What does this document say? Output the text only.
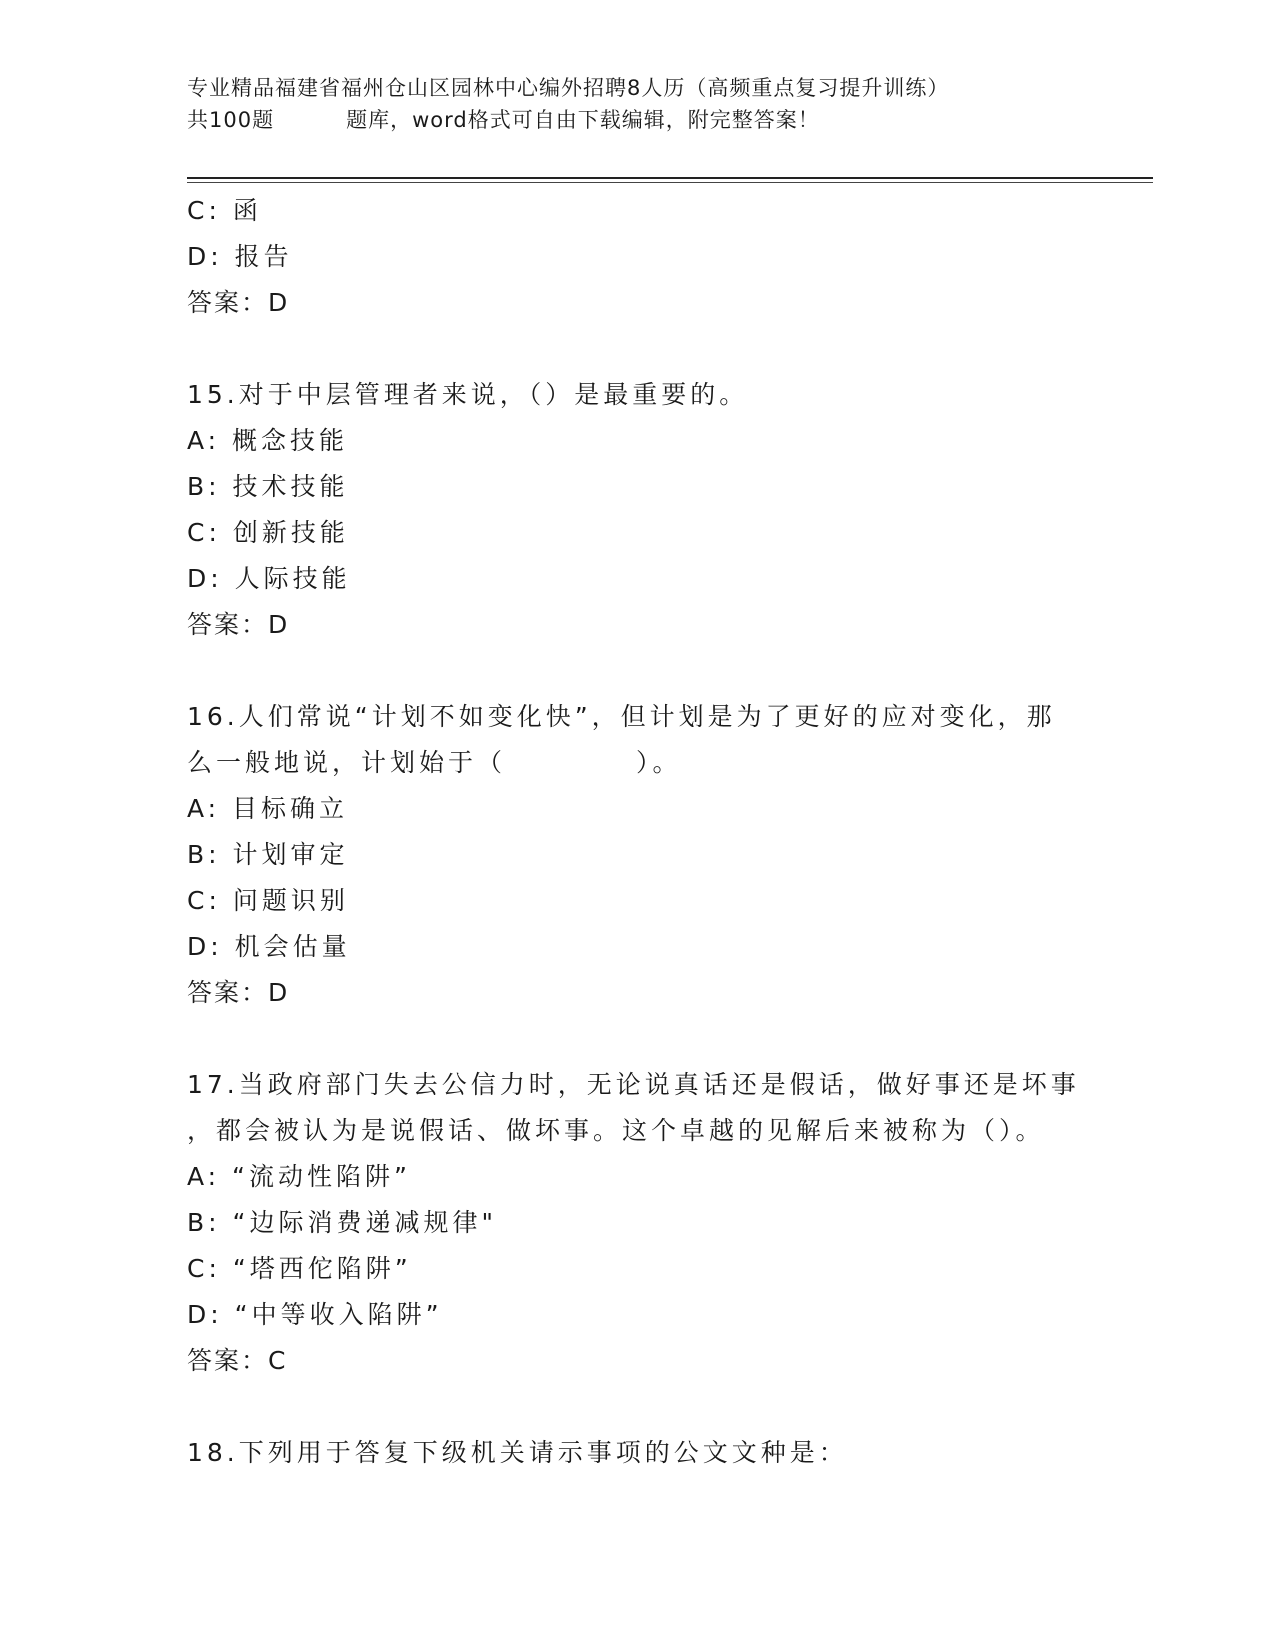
专业精品福建省福州仓山区园林中心编外招聘8人历（高频重点复习提升训练）
共100题	题库，word格式可自由下载编辑，附完整答案！
C: 函
D: 报告
答案：D
15.对于中层管理者来说，（）是最重要的。
A: 概念技能
B: 技术技能
C: 创新技能
D: 人际技能
答案：D
16.人们常说“计划不如变化快”，但计划是为了更好的应对变化，那
么一般地说，计划始于（	）。
A: 目标确立
B: 计划审定
C: 问题识别
D: 机会估量
答案：D
17.当政府部门失去公信力时，无论说真话还是假话，做好事还是坏事
，都会被认为是说假话、做坏事。这个卓越的见解后来被称为（）。
A: “流动性陷阱”
B: “边际消费递减规律"
C: “塔西佗陷阱”
D: “中等收入陷阱”
答案：C
18.下列用于答复下级机关请示事项的公文文种是：
